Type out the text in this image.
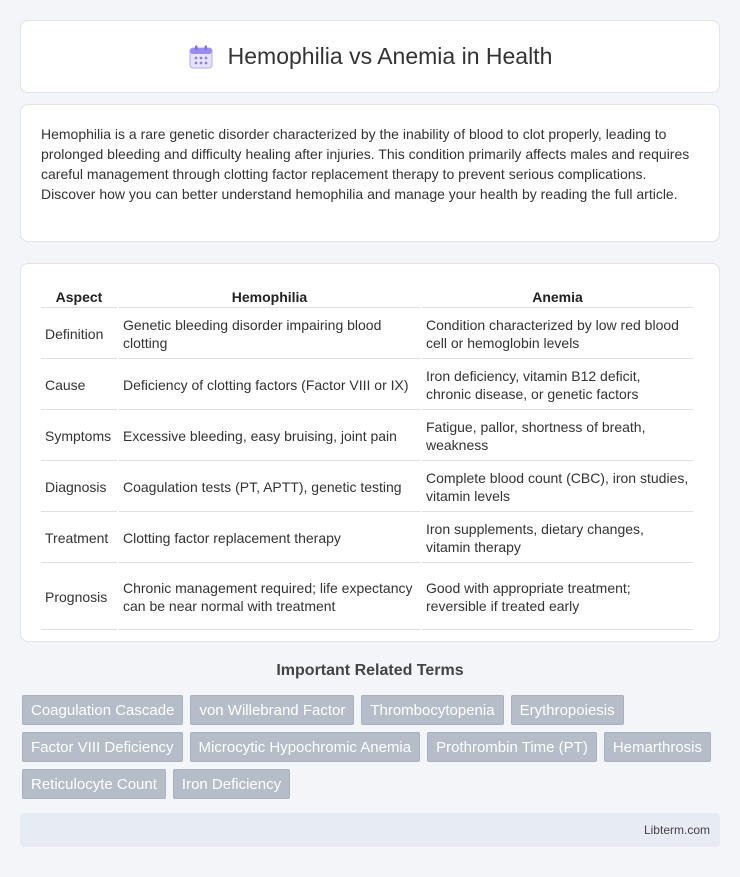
Hemophilia vs Anemia in Health

Hemophilia is a rare genetic disorder characterized by the inability of blood to clot properly, leading to prolonged bleeding and difficulty healing after injuries. This condition primarily affects males and requires careful management through clotting factor replacement therapy to prevent serious complications. Discover how you can better understand hemophilia and manage your health by reading the full article.

Aspect	Hemophilia	Anemia
Definition	Genetic bleeding disorder impairing blood clotting	Condition characterized by low red blood cell or hemoglobin levels
Cause	Deficiency of clotting factors (Factor VIII or IX)	Iron deficiency, vitamin B12 deficit, chronic disease, or genetic factors
Symptoms	Excessive bleeding, easy bruising, joint pain	Fatigue, pallor, shortness of breath, weakness
Diagnosis	Coagulation tests (PT, APTT), genetic testing	Complete blood count (CBC), iron studies, vitamin levels
Treatment	Clotting factor replacement therapy	Iron supplements, dietary changes, vitamin therapy
Prognosis	Chronic management required; life expectancy can be near normal with treatment	Good with appropriate treatment; reversible if treated early
Important Related Terms
Coagulation Cascade	von Willebrand Factor	Thrombocytopenia	Erythropoiesis
Factor VIII Deficiency	Microcytic Hypochromic Anemia	Prothrombin Time (PT)	Hemarthrosis
Reticulocyte Count	Iron Deficiency
Libterm.com
